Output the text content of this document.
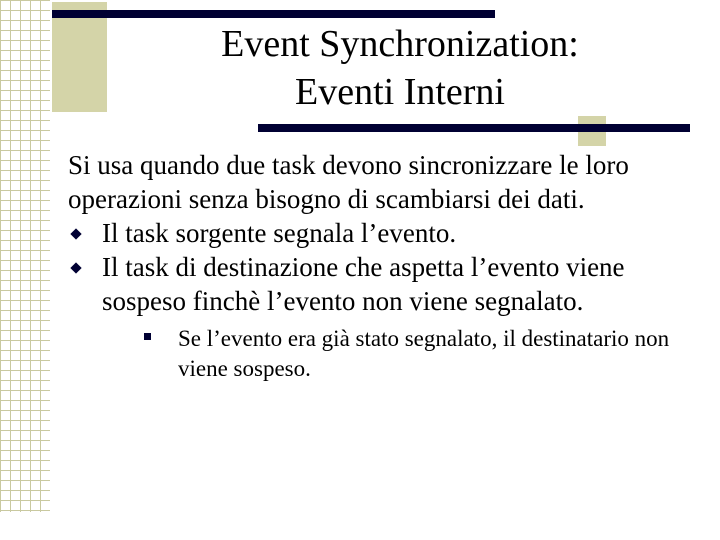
Event Synchronization:
Eventi Interni

Si usa quando due task devono sincronizzare le loro operazioni senza bisogno di scambiarsi dei dati.

Il task sorgente segnala l’evento.
Il task di destinazione che aspetta l’evento viene sospeso finchè l’evento non viene segnalato.
Se l’evento era già stato segnalato, il destinatario non viene sospeso.
